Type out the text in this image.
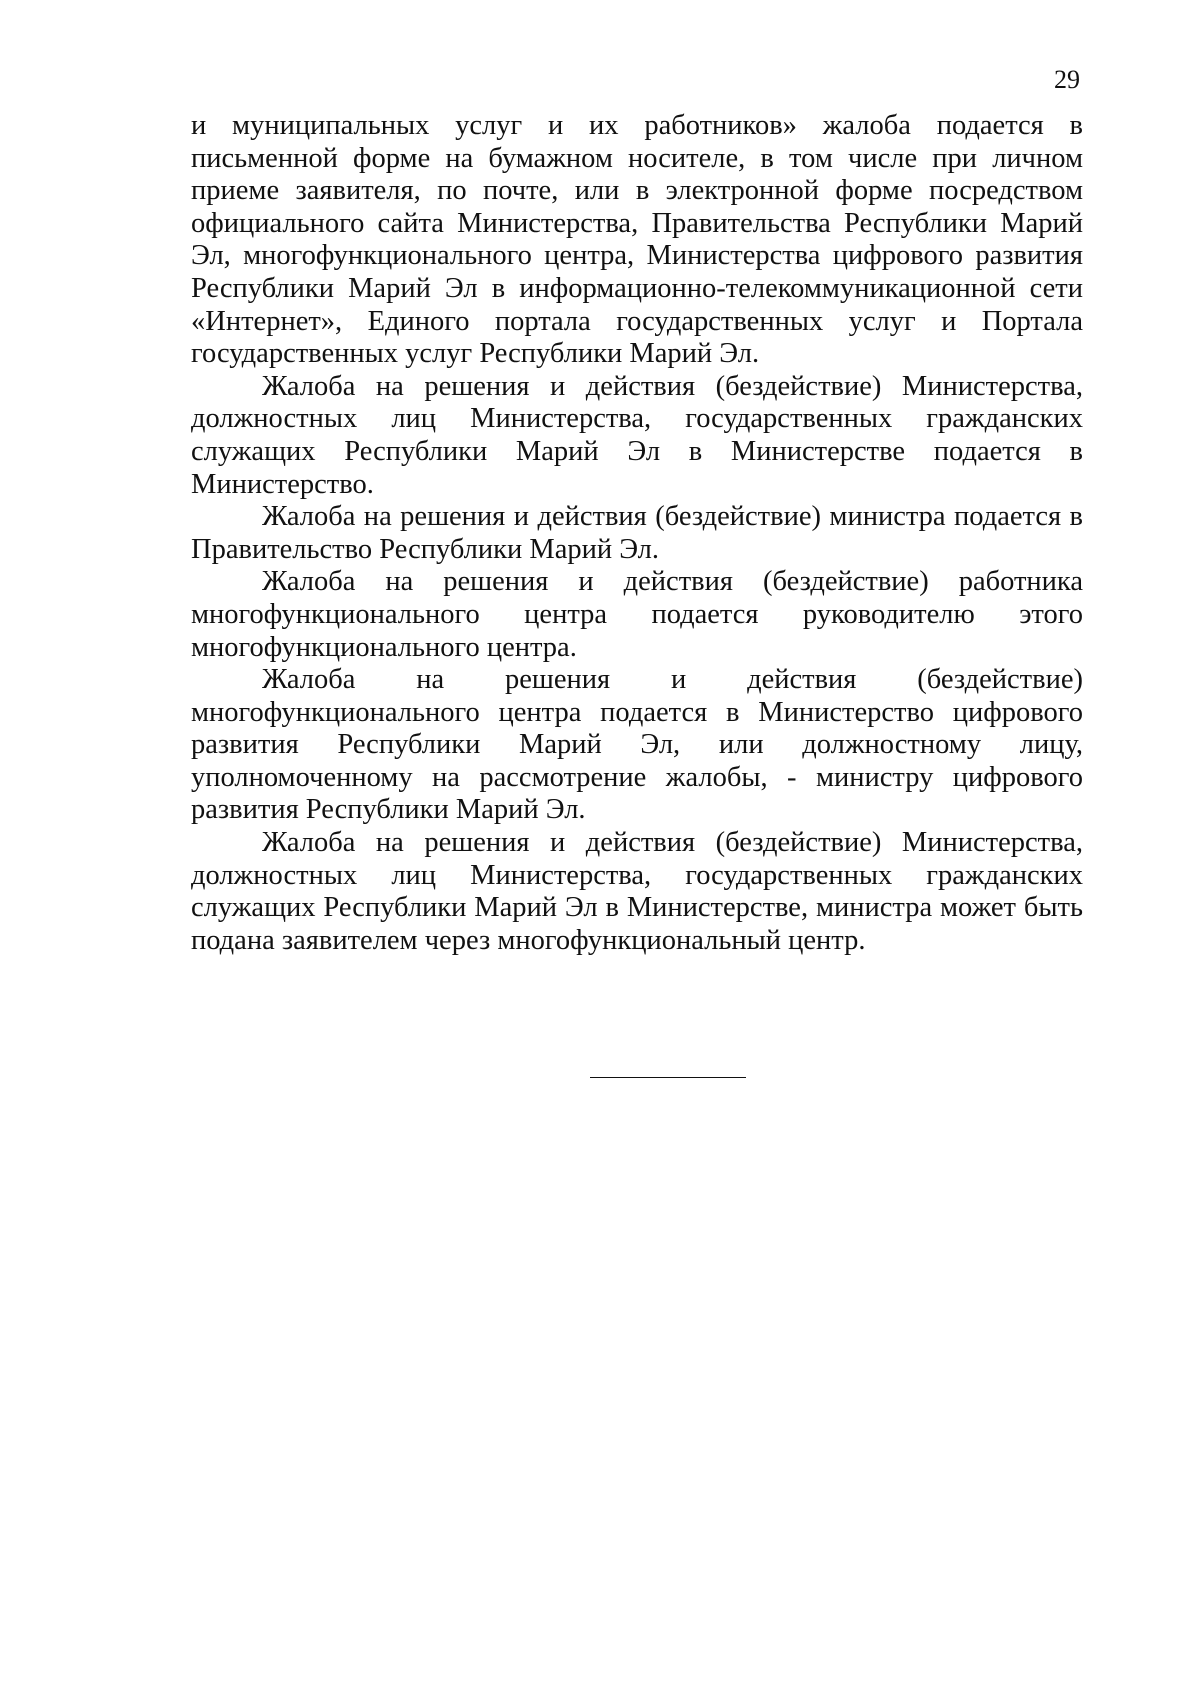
29

и муниципальных услуг и их работников» жалоба подается в письменной форме на бумажном носителе, в том числе при личном приеме заявителя, по почте, или в электронной форме посредством официального сайта Министерства, Правительства Республики Марий Эл, многофункционального центра, Министерства цифрового развития Республики Марий Эл в информационно-телекоммуникационной сети «Интернет», Единого портала государственных услуг и Портала государственных услуг Республики Марий Эл.

Жалоба на решения и действия (бездействие) Министерства, должностных лиц Министерства, государственных гражданских служащих Республики Марий Эл в Министерстве подается в Министерство.

Жалоба на решения и действия (бездействие) министра подается в Правительство Республики Марий Эл.

Жалоба на решения и действия (бездействие) работника многофункционального центра подается руководителю этого многофункционального центра.

Жалоба на решения и действия (бездействие) многофункционального центра подается в Министерство цифрового развития Республики Марий Эл, или должностному лицу, уполномоченному на рассмотрение жалобы, - министру цифрового развития Республики Марий Эл.

Жалоба на решения и действия (бездействие) Министерства, должностных лиц Министерства, государственных гражданских служащих Республики Марий Эл в Министерстве, министра может быть подана заявителем через многофункциональный центр.
